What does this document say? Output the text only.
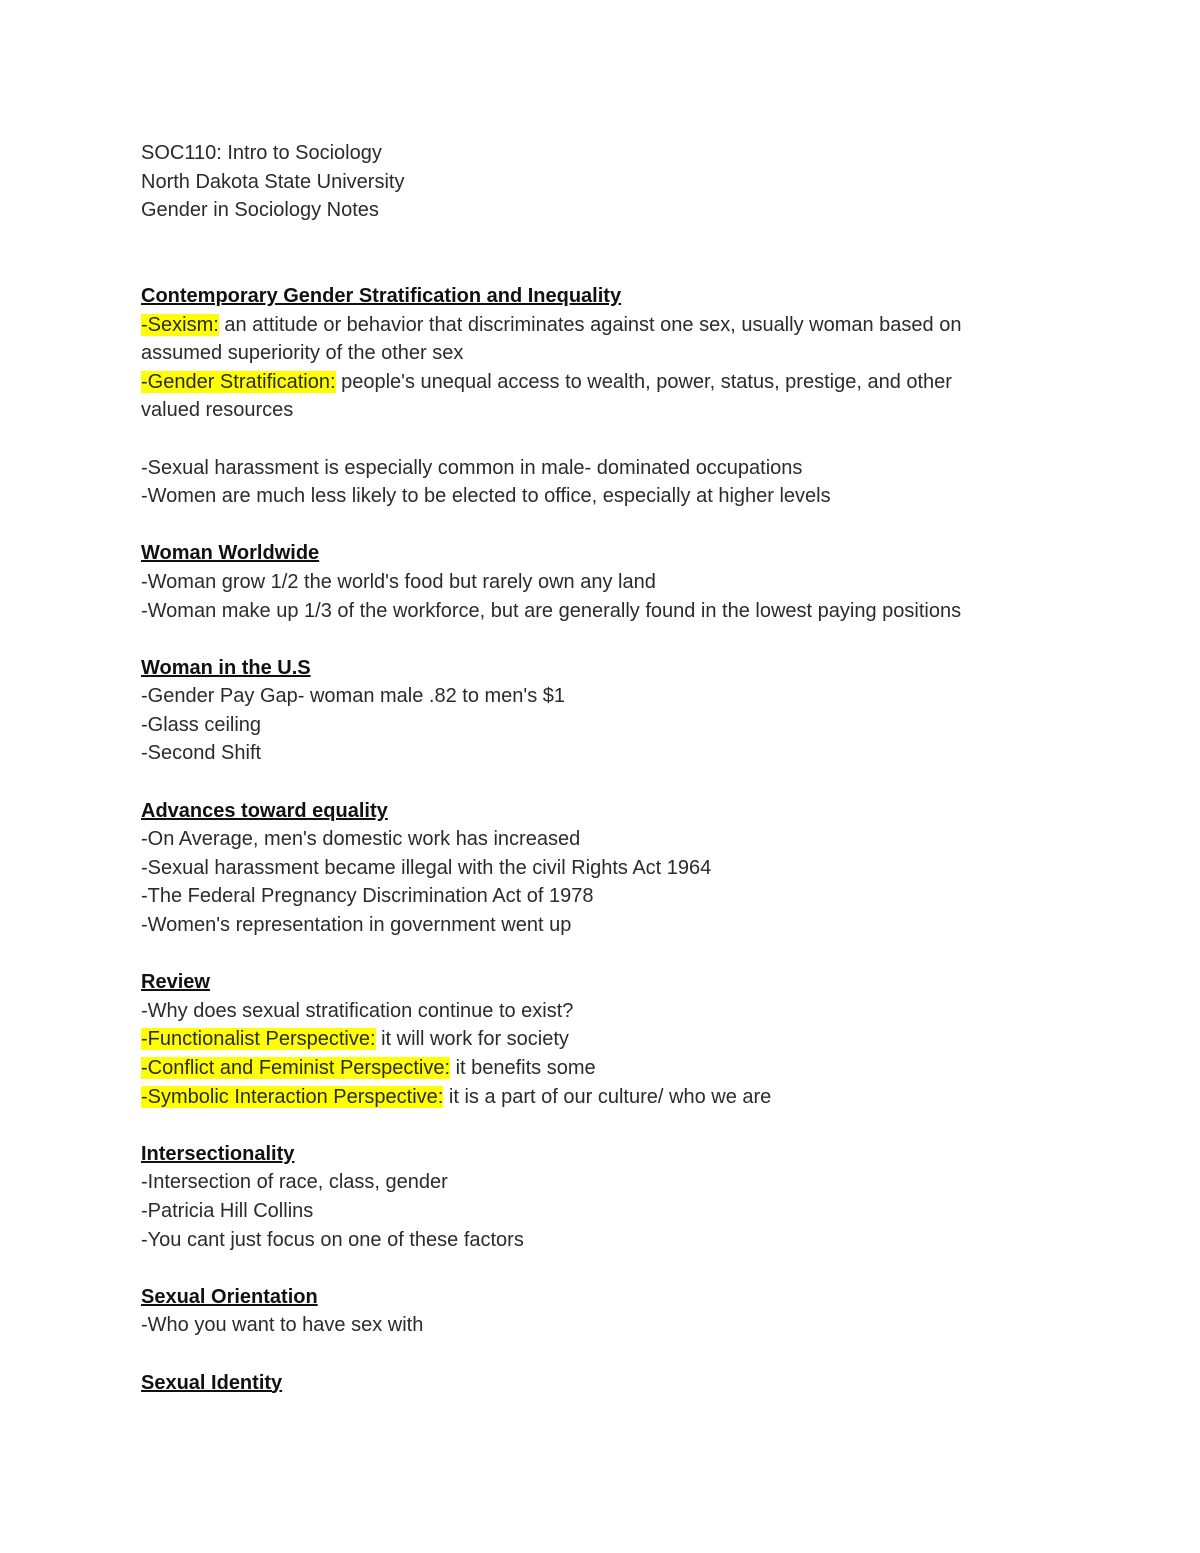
SOC110: Intro to Sociology
North Dakota State University
Gender in Sociology Notes
Contemporary Gender Stratification and Inequality
-Sexism: an attitude or behavior that discriminates against one sex, usually woman based on
assumed superiority of the other sex
-Gender Stratification: people's unequal access to wealth, power, status, prestige, and other
valued resources
-Sexual harassment is especially common in male- dominated occupations
-Women are much less likely to be elected to office, especially at higher levels
Woman Worldwide
-Woman grow 1/2 the world's food but rarely own any land
-Woman make up 1/3 of the workforce, but are generally found in the lowest paying positions
Woman in the U.S
-Gender Pay Gap- woman male .82 to men's $1
-Glass ceiling
-Second Shift
Advances toward equality
-On Average, men's domestic work has increased
-Sexual harassment became illegal with the civil Rights Act 1964
-The Federal Pregnancy Discrimination Act of 1978
-Women's representation in government went up
Review
-Why does sexual stratification continue to exist?
-Functionalist Perspective: it will work for society
-Conflict and Feminist Perspective: it benefits some
-Symbolic Interaction Perspective: it is a part of our culture/ who we are
Intersectionality
-Intersection of race, class, gender
-Patricia Hill Collins
-You cant just focus on one of these factors
Sexual Orientation
-Who you want to have sex with
Sexual Identity
